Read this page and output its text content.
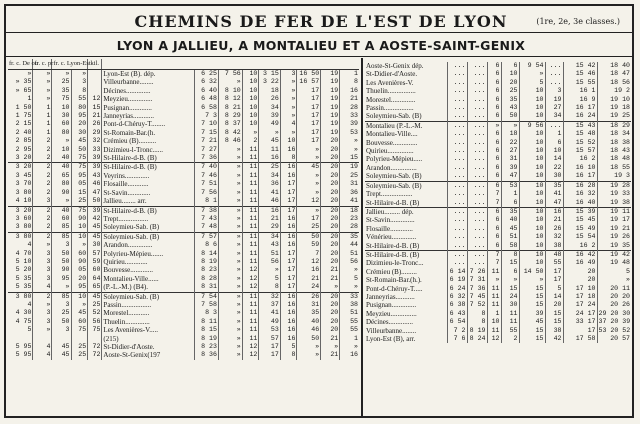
CHEMINS DE FER DE L'EST DE LYON	(1re, 2e, 3e classes.)
LYON A JALLIEU, A MONTALIEU ET A AOSTE-SAINT-GENIX
fr. c. De ou	fr. c. pr	fr. c. Lyon-Est		kil.									
»	»	»	»		Lyon-Est (B). dép.	6 25	7 56	10	3 15	3	16 50	19	1
» 35	»	25	3		Villeurbanne........	6 32	»	10	3 22	»	16 57	19	8
» 65	»	35	8		Décines..............	6 40	8 10	10	18	»	17	19	16
1	»	75	55	12	Meyzieu..............	6 48	8 12	10	26	»	17	19	21
1 50	1	10	80	15	Pusignan.............	6 58	8 21	10	34	»	17	19	28
1 75	1	30	95	21	Janneyrias............	7 3	8 29	10	39	»	17	19	33
2 15	1	60	20	26	Pont-d-Chéruy-T........	7 10	8 37	10	49	4	17	19	39
2 40	1	80	30	29	St-Romain-Bar.(h.	7 15	8 42	»	»	»	17	19	53
2 85	2	»	45	32	Crémieu (B)..........	7 21	8 46	2	45	10	17	20	»
2 95	2	10	50	33	Dizimieu-l-Tronc......	7 27	»	11	11	16	»	20	»
3 20	2	40	75	39	St-Hilaire-d-B. (B)	7 36	»	11	16	8	»	20	15
3 20	2	40	75	39	St-Hilaire-d-B. (B)	7 40	»	11	25	16	45	20	19
3 45	2	65	95	43	Veyrins..............	7 46	»	11	34	16	»	20	25
3 70	2	80	05	46	Flosaille............	7 51	»	11	36	17	»	20	31
3 80	2	90	15	47	St-Savin.............	7 56	»	11	41	17	»	20	36
4 10	3	»	25	50	Jallieu........ arr.	8 1	»	11	46	17	12	20	41
3 20	2	40	75	39	St-Hilaire-d-B. (B)	7 38	»	11	16	17	»	20	18
3 60	2	60	90	42	Trept.................	7 43	»	11	21	16	17	20	23
3 80	2	85	10	45	Soleymieu-Sab. (B)	7 48	»	11	29	16	25	20	28
3 80	2	85	10	45	Soleymieu-Sab. (B)	7 57	»	11	34	16	50	20	35
4	»	3	»	30	Arandon..............	8 6	»	11	43	16	59	20	44
4 70	3	50	60	57	Polyrieu-Mépieu.......	8 14	»	11	51	17	7	20	51
5 10	3	50	90	59	Quirieu.............	8 19	»	11	56	17	12	20	56
5 20	3	90	05	60	Bouvesse.............	8 23	»	12	»	17	16	21	»
5 35	3	95	20	64	Montalieu-Ville......	8 28	»	12	5	17	21	21	5
5 35	4	»	95	65	(P.-L.-M.) (B4).	8 31	»	12	8	17	24	»	»
3 80	2	85	10	45	Soleymieu-Sab. (B)	7 54	»	11	32	16	26	20	33
4	»	3	»	25	Passin.................	7 58	»	11	37	16	31	20	38
4 30	3	25	45	52	Morestel............	8 3	»	11	41	16	35	20	51
4 75	3	50	60	56	Thuelin..............	8 11	»	11	49	16	40	20	55
5	»	3	75	75	Les Avenières-V.....	8 15	»	11	53	16	46	20	55
					(215)	8 19	»	11	57	16	50	21	1
5 95	4	45	25	72	St-Didier-d'Aoste.	8 23	»	12	17	5	»	»	»
5 95	4	45	25	72	Aoste-St-Genix(197	8 36	»	12	17	8	»	21	16
Aoste-St-Genix dép.	...	...	6	6	9 54	...	15 42	18 40
St-Didier-d'Aoste.	...	...	6	10	»	...	15 46	18 47
Les Avenières-V.	...	...	6	20	5	...	15 55	18 56
Thuelin................	...	...	6	25	10	3	16 1	19 2
Morestel..............	...	...	6	35	10	19	16 9	19 10
Passin.................	...	...	6	43	10	27	16 17	19 18
Soleymieu-Sab. (B)	...	...	6	50	10	34	16 24	19 25
Montalieu (P.-L.-M.	...	...	»	»	9 56	...	15 43	18 29
Montalieu-Ville....	...	...	6	18	10	1	15 48	18 34
Bouvesse..............	...	...	6	22	10	6	15 52	18 38
Quirieu...............	...	...	6	27	10	10	15 57	18 43
Polyrieu-Mépieu.....	...	...	6	31	10	14	16 2	18 48
Arandon...............	...	...	6	39	10	22	16 10	18 55
Soleymieu-Sab. (B)	...	...	6	47	10	30	16 17	19 3
Soleymieu-Sab. (B)	...	...	6	53	10	35	16 28	19 28
Trept..................	...	...	7	1	10	41	16 32	19 33
St-Hilaire-d-B. (B)	...	...	7	6	10	47	16 40	19 38
Jallieu......... dép.	...	...	6	35	10	16	15 39	19 11
St-Savin..............	...	...	6	40	10	21	15 45	19 17
Flosaille.............	...	...	6	45	10	26	15 49	19 21
Vénérieu..............	...	...	6	51	10	32	15 54	19 26
St-Hilaire-d-B. (B)	...	...	6	58	10	38	16 2	19 35
St-Hilaire-d-B. (B)	...	...	7	8	10	48	16 42	19 42
Dizimieu-le-Tronc...	...	...	7	15	10	55	16 49	19 48
Crémieu (B).........	6 14	7 26	11	6	14 50	17	20	5
St-Romain-Bar.(h.).	6 19	7 31	»	»	»	17	20	»
Pont-d-Chéruy-T.....	6 24	7 36	11	15	15	5	17 10	20 11
Janneyrias...........	6 32	7 45	11	24	15	14	17 18	20 20
Pusignan..............	6 38	7 52	11	30	15	20	17 24	20 26
Meyzieu...............	6 43	8	1	11	39	15	24 17	29 20 30
Décines..............	6 54	8	10	11	45	15	33 17	37 20 39
Villeurbanne........	7 2	8 19	11	55	15	38	17	53 20 52
Lyon-Est (B), arr.	7 6	8 24	12	2	15	42	17 58	20 57
